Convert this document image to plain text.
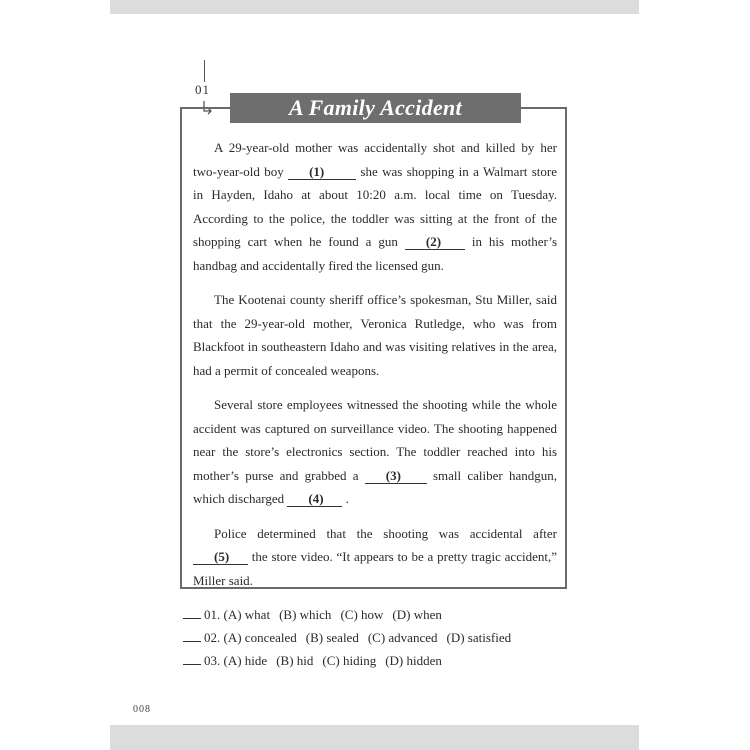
01
A Family Accident

A 29-year-old mother was accidentally shot and killed by her two-year-old boy (1) she was shopping in a Walmart store in Hayden, Idaho at about 10:20 a.m. local time on Tuesday. According to the police, the toddler was sitting at the front of the shopping cart when he found a gun (2) in his mother’s handbag and accidentally fired the licensed gun.

The Kootenai county sheriff office’s spokesman, Stu Miller, said that the 29-year-old mother, Veronica Rutledge, who was from Blackfoot in southeastern Idaho and was visiting relatives in the area, had a permit of concealed weapons.

Several store employees witnessed the shooting while the whole accident was captured on surveillance video. The shooting happened near the store’s electronics section. The toddler reached into his mother’s purse and grabbed a (3) small caliber handgun, which discharged (4) .

Police determined that the shooting was accidental after (5) the store video. “It appears to be a pretty tragic accident,” Miller said.

01. (A) what (B) which (C) how (D) when
02. (A) concealed (B) sealed (C) advanced (D) satisfied
03. (A) hide (B) hid (C) hiding (D) hidden
008
